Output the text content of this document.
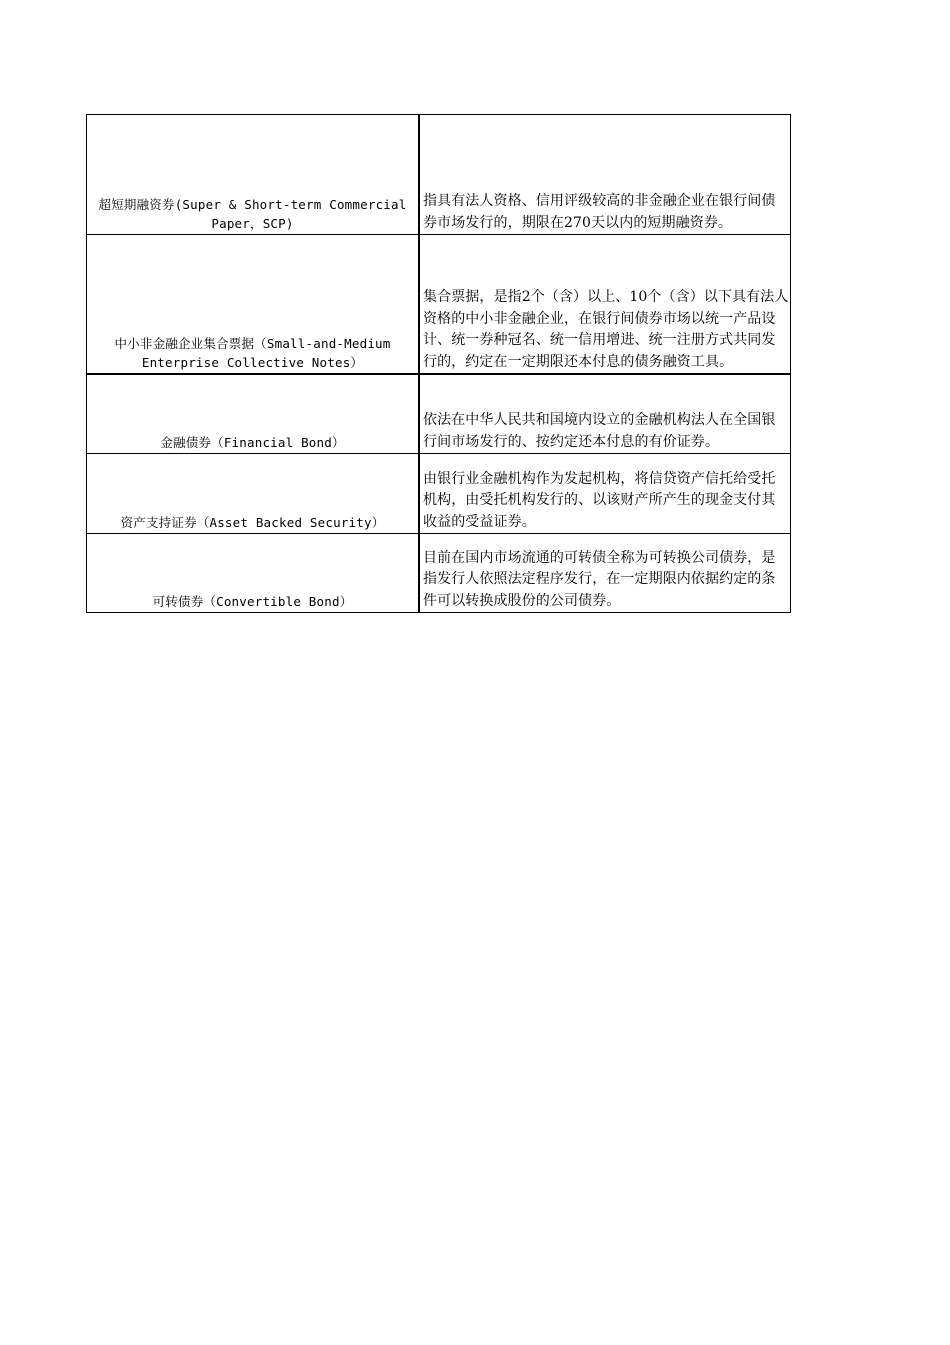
超短期融资券(Super & Short-term Commercial Paper，SCP)	指具有法人资格、信用评级较高的非金融企业在银行间债券市场发行的，期限在270天以内的短期融资券。
中小非金融企业集合票据（Small-and-Medium Enterprise Collective Notes）	集合票据，是指2个（含）以上、10个（含）以下具有法人资格的中小非金融企业，在银行间债券市场以统一产品设计、统一券种冠名、统一信用增进、统一注册方式共同发行的，约定在一定期限还本付息的债务融资工具。
金融债券（Financial Bond）	依法在中华人民共和国境内设立的金融机构法人在全国银行间市场发行的、按约定还本付息的有价证券。
资产支持证券（Asset Backed Security）	由银行业金融机构作为发起机构，将信贷资产信托给受托机构，由受托机构发行的、以该财产所产生的现金支付其收益的受益证券。
可转债券（Convertible Bond）	目前在国内市场流通的可转债全称为可转换公司债券，是指发行人依照法定程序发行，在一定期限内依据约定的条件可以转换成股份的公司债券。
